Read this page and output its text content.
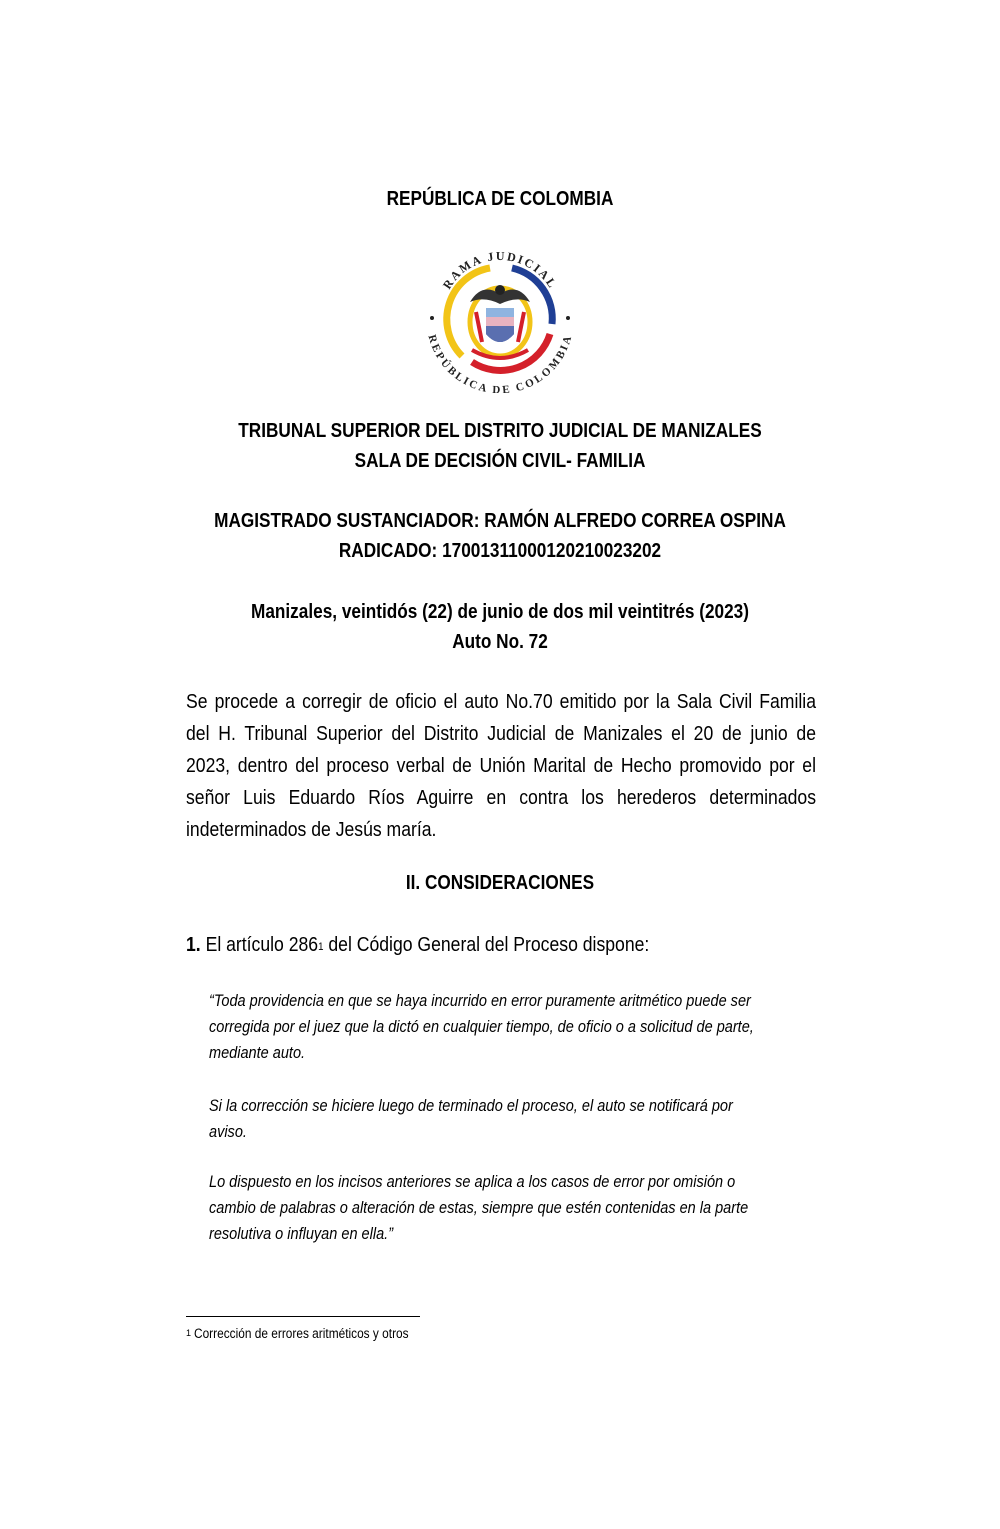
REPÚBLICA DE COLOMBIA
RAMA JUDICIAL
REPÚBLICA DE COLOMBIA
TRIBUNAL SUPERIOR DEL DISTRITO JUDICIAL DE MANIZALES
SALA DE DECISIÓN CIVIL- FAMILIA
MAGISTRADO SUSTANCIADOR: RAMÓN ALFREDO CORREA OSPINA
RADICADO: 17001311000120210023202
Manizales, veintidós (22) de junio de dos mil veintitrés (2023)
Auto No. 72
Se procede a corregir de oficio el auto No.70 emitido por la Sala Civil Familia
del H. Tribunal Superior del Distrito Judicial de Manizales el 20 de junio de
2023, dentro del proceso verbal de Unión Marital de Hecho promovido por el
señor Luis Eduardo Ríos Aguirre en contra los herederos determinados
indeterminados de Jesús maría.
II. CONSIDERACIONES
1. El artículo 286$^1$ del Código General del Proceso dispone:
“Toda providencia en que se haya incurrido en error puramente aritmético puede ser
corregida por el juez que la dictó en cualquier tiempo, de oficio o a solicitud de parte,
mediante auto.
Si la corrección se hiciere luego de terminado el proceso, el auto se notificará por
aviso.
Lo dispuesto en los incisos anteriores se aplica a los casos de error por omisión o
cambio de palabras o alteración de estas, siempre que estén contenidas en la parte
resolutiva o influyan en ella.”
$^1$ Corrección de errores aritméticos y otros
